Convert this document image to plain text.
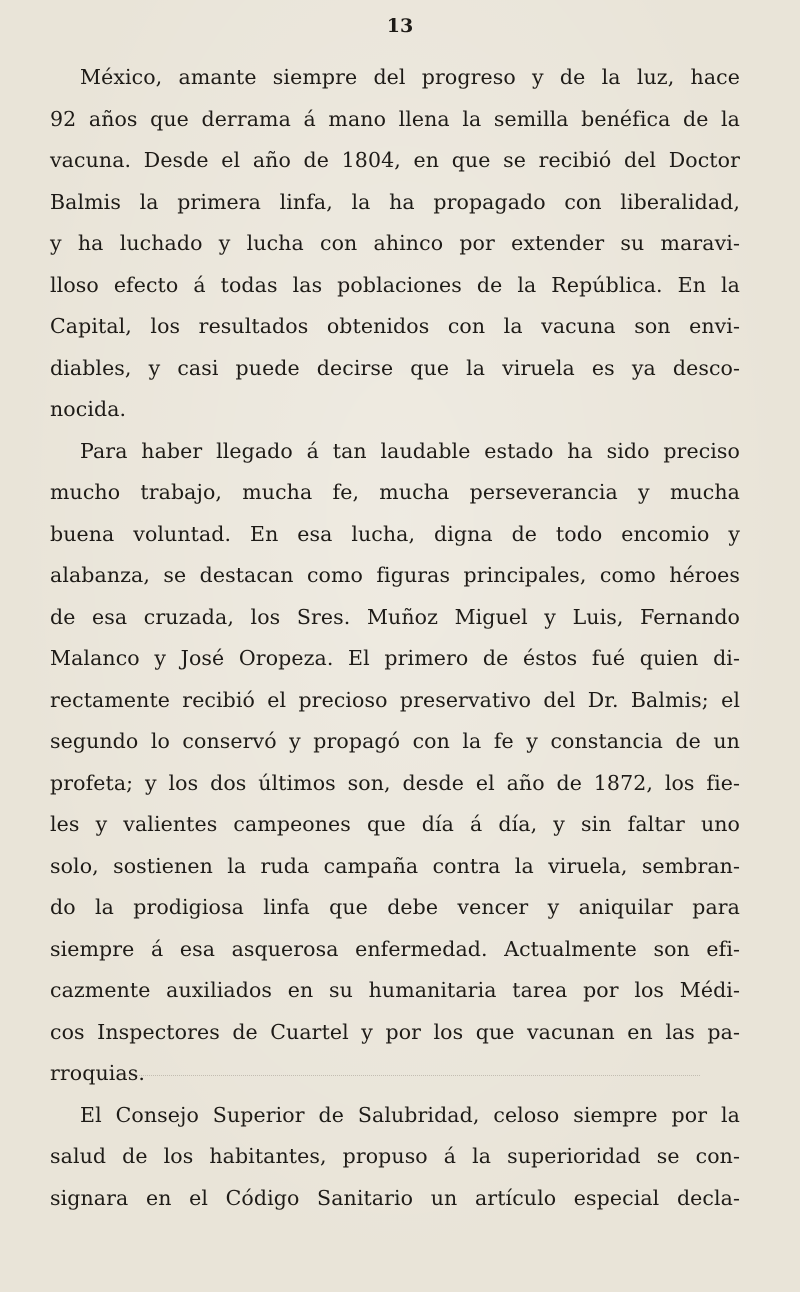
13
México, amante siempre del progreso y de la luz, hace
92 años que derrama á mano llena la semilla benéfica de la
vacuna. Desde el año de 1804, en que se recibió del Doctor
Balmis la primera linfa, la ha propagado con liberalidad,
y ha luchado y lucha con ahinco por extender su maravi-
lloso efecto á todas las poblaciones de la República. En la
Capital, los resultados obtenidos con la vacuna son envi-
diables, y casi puede decirse que la viruela es ya desco-
nocida.
Para haber llegado á tan laudable estado ha sido preciso
mucho trabajo, mucha fe, mucha perseverancia y mucha
buena voluntad. En esa lucha, digna de todo encomio y
alabanza, se destacan como figuras principales, como héroes
de esa cruzada, los Sres. Muñoz Miguel y Luis, Fernando
Malanco y José Oropeza. El primero de éstos fué quien di-
rectamente recibió el precioso preservativo del Dr. Balmis; el
segundo lo conservó y propagó con la fe y constancia de un
profeta; y los dos últimos son, desde el año de 1872, los fie-
les y valientes campeones que día á día, y sin faltar uno
solo, sostienen la ruda campaña contra la viruela, sembran-
do la prodigiosa linfa que debe vencer y aniquilar para
siempre á esa asquerosa enfermedad. Actualmente son efi-
cazmente auxiliados en su humanitaria tarea por los Médi-
cos Inspectores de Cuartel y por los que vacunan en las pa-
rroquias.
El Consejo Superior de Salubridad, celoso siempre por la
salud de los habitantes, propuso á la superioridad se con-
signara en el Código Sanitario un artículo especial decla-
